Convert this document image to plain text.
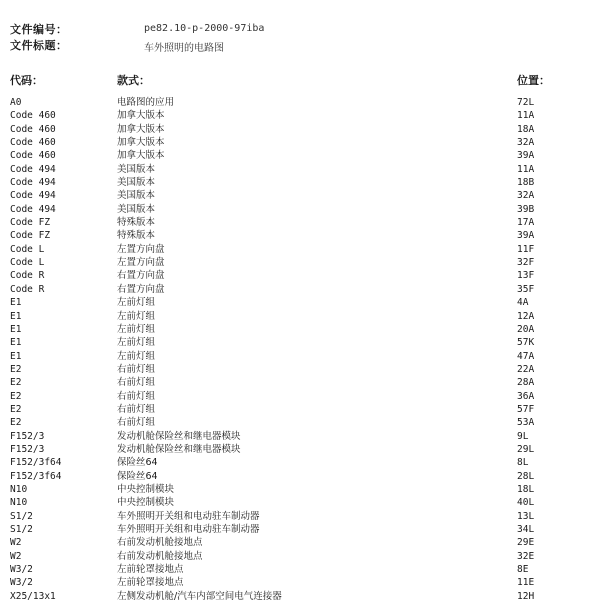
文件编号：	pe82.10-p-2000-97iba
文件标题：	车外照明的电路图
代码：	款式：	位置：
A0	电路图的应用	72L
Code 460	加拿大版本	11A
Code 460	加拿大版本	18A
Code 460	加拿大版本	32A
Code 460	加拿大版本	39A
Code 494	美国版本	11A
Code 494	美国版本	18B
Code 494	美国版本	32A
Code 494	美国版本	39B
Code FZ	特殊版本	17A
Code FZ	特殊版本	39A
Code L	左置方向盘	11F
Code L	左置方向盘	32F
Code R	右置方向盘	13F
Code R	右置方向盘	35F
E1	左前灯组	4A
E1	左前灯组	12A
E1	左前灯组	20A
E1	左前灯组	57K
E1	左前灯组	47A
E2	右前灯组	22A
E2	右前灯组	28A
E2	右前灯组	36A
E2	右前灯组	57F
E2	右前灯组	53A
F152/3	发动机舱保险丝和继电器模块	9L
F152/3	发动机舱保险丝和继电器模块	29L
F152/3f64	保险丝64	8L
F152/3f64	保险丝64	28L
N10	中央控制模块	18L
N10	中央控制模块	40L
S1/2	车外照明开关组和电动驻车制动器	13L
S1/2	车外照明开关组和电动驻车制动器	34L
W2	右前发动机舱接地点	29E
W2	右前发动机舱接地点	32E
W3/2	左前轮罩接地点	8E
W3/2	左前轮罩接地点	11E
X25/13x1	左侧发动机舱/汽车内部空间电气连接器	12H
